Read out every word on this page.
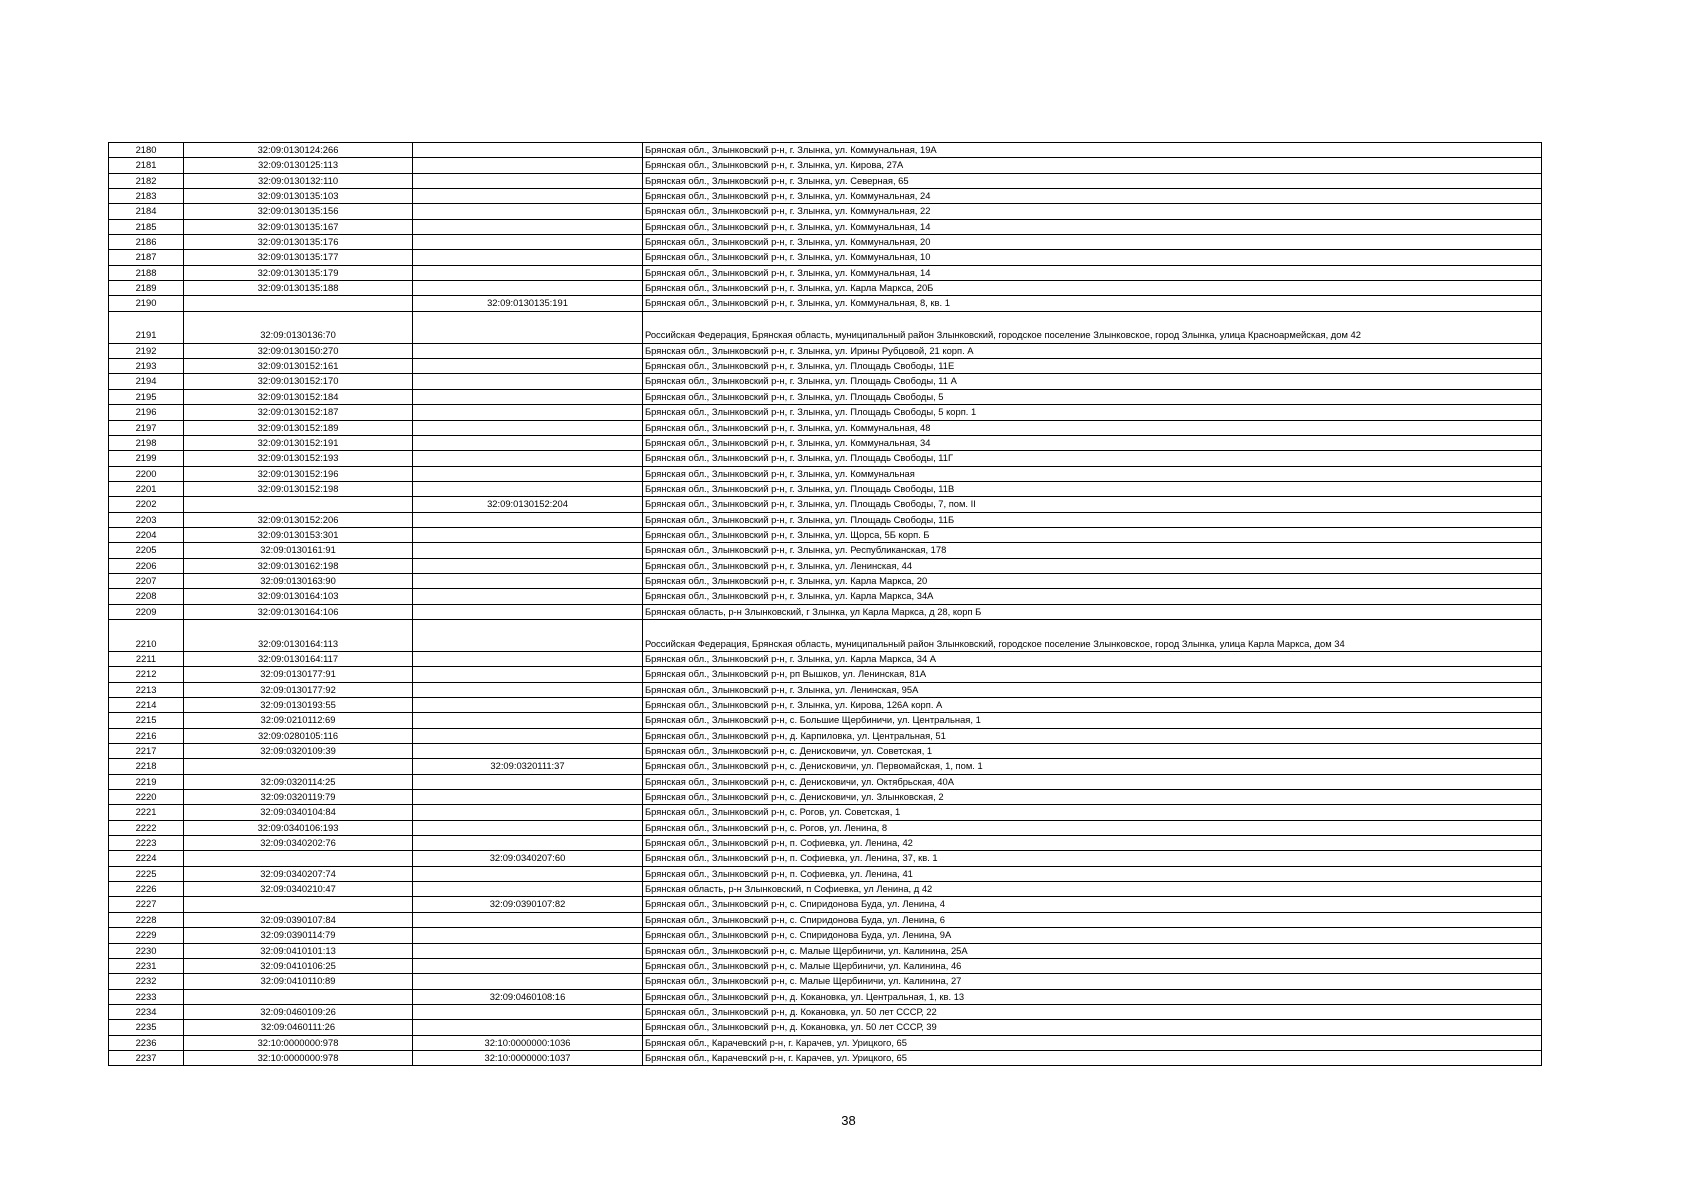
2180	32:09:0130124:266		Брянская обл., Злынковский р-н, г. Злынка, ул. Коммунальная, 19А
2181	32:09:0130125:113		Брянская обл., Злынковский р-н, г. Злынка, ул. Кирова, 27А
2182	32:09:0130132:110		Брянская обл., Злынковский р-н, г. Злынка, ул. Северная, 65
2183	32:09:0130135:103		Брянская обл., Злынковский р-н, г. Злынка, ул. Коммунальная, 24
2184	32:09:0130135:156		Брянская обл., Злынковский р-н, г. Злынка, ул. Коммунальная, 22
2185	32:09:0130135:167		Брянская обл., Злынковский р-н, г. Злынка, ул. Коммунальная, 14
2186	32:09:0130135:176		Брянская обл., Злынковский р-н, г. Злынка, ул. Коммунальная, 20
2187	32:09:0130135:177		Брянская обл., Злынковский р-н, г. Злынка, ул. Коммунальная, 10
2188	32:09:0130135:179		Брянская обл., Злынковский р-н, г. Злынка, ул. Коммунальная, 14
2189	32:09:0130135:188		Брянская обл., Злынковский р-н, г. Злынка, ул. Карла Маркса, 20Б
2190		32:09:0130135:191	Брянская обл., Злынковский р-н, г. Злынка, ул. Коммунальная, 8, кв. 1
2191	32:09:0130136:70		Российская Федерация, Брянская область, муниципальный район Злынковский, городское поселение Злынковское, город Злынка, улица Красноармейская, дом 42
2192	32:09:0130150:270		Брянская обл., Злынковский р-н, г. Злынка, ул. Ирины Рубцовой, 21 корп. А
2193	32:09:0130152:161		Брянская обл., Злынковский р-н, г. Злынка, ул. Площадь Свободы, 11Е
2194	32:09:0130152:170		Брянская обл., Злынковский р-н, г. Злынка, ул. Площадь Свободы, 11 А
2195	32:09:0130152:184		Брянская обл., Злынковский р-н, г. Злынка, ул. Площадь Свободы, 5
2196	32:09:0130152:187		Брянская обл., Злынковский р-н, г. Злынка, ул. Площадь Свободы, 5 корп. 1
2197	32:09:0130152:189		Брянская обл., Злынковский р-н, г. Злынка, ул. Коммунальная, 48
2198	32:09:0130152:191		Брянская обл., Злынковский р-н, г. Злынка, ул. Коммунальная, 34
2199	32:09:0130152:193		Брянская обл., Злынковский р-н, г. Злынка, ул. Площадь Свободы, 11Г
2200	32:09:0130152:196		Брянская обл., Злынковский р-н, г. Злынка, ул. Коммунальная
2201	32:09:0130152:198		Брянская обл., Злынковский р-н, г. Злынка, ул. Площадь Свободы, 11В
2202		32:09:0130152:204	Брянская обл., Злынковский р-н, г. Злынка, ул. Площадь Свободы, 7, пом. II
2203	32:09:0130152:206		Брянская обл., Злынковский р-н, г. Злынка, ул. Площадь Свободы, 11Б
2204	32:09:0130153:301		Брянская обл., Злынковский р-н, г. Злынка, ул. Щорса, 5Б корп. Б
2205	32:09:0130161:91		Брянская обл., Злынковский р-н, г. Злынка, ул. Республиканская, 178
2206	32:09:0130162:198		Брянская обл., Злынковский р-н, г. Злынка, ул. Ленинская, 44
2207	32:09:0130163:90		Брянская обл., Злынковский р-н, г. Злынка, ул. Карла Маркса, 20
2208	32:09:0130164:103		Брянская обл., Злынковский р-н, г. Злынка, ул. Карла Маркса, 34А
2209	32:09:0130164:106		Брянская область, р-н Злынковский, г Злынка, ул Карла Маркса, д 28, корп Б
2210	32:09:0130164:113		Российская Федерация, Брянская область, муниципальный район Злынковский, городское поселение Злынковское, город Злынка, улица Карла Маркса, дом 34
2211	32:09:0130164:117		Брянская обл., Злынковский р-н, г. Злынка, ул. Карла Маркса, 34 А
2212	32:09:0130177:91		Брянская обл., Злынковский р-н, рп Вышков, ул. Ленинская, 81А
2213	32:09:0130177:92		Брянская обл., Злынковский р-н, г. Злынка, ул. Ленинская, 95А
2214	32:09:0130193:55		Брянская обл., Злынковский р-н, г. Злынка, ул. Кирова, 126А корп. А
2215	32:09:0210112:69		Брянская обл., Злынковский р-н, с. Большие Щербиничи, ул. Центральная, 1
2216	32:09:0280105:116		Брянская обл., Злынковский р-н, д. Карпиловка, ул. Центральная, 51
2217	32:09:0320109:39		Брянская обл., Злынковский р-н, с. Денисковичи, ул. Советская, 1
2218		32:09:0320111:37	Брянская обл., Злынковский р-н, с. Денисковичи, ул. Первомайская, 1, пом. 1
2219	32:09:0320114:25		Брянская обл., Злынковский р-н, с. Денисковичи, ул. Октябрьская, 40А
2220	32:09:0320119:79		Брянская обл., Злынковский р-н, с. Денисковичи, ул. Злынковская, 2
2221	32:09:0340104:84		Брянская обл., Злынковский р-н, с. Рогов, ул. Советская, 1
2222	32:09:0340106:193		Брянская обл., Злынковский р-н, с. Рогов, ул. Ленина, 8
2223	32:09:0340202:76		Брянская обл., Злынковский р-н, п. Софиевка, ул. Ленина, 42
2224		32:09:0340207:60	Брянская обл., Злынковский р-н, п. Софиевка, ул. Ленина, 37, кв. 1
2225	32:09:0340207:74		Брянская обл., Злынковский р-н, п. Софиевка, ул. Ленина, 41
2226	32:09:0340210:47		Брянская область, р-н Злынковский, п Софиевка, ул Ленина, д 42
2227		32:09:0390107:82	Брянская обл., Злынковский р-н, с. Спиридонова Буда, ул. Ленина, 4
2228	32:09:0390107:84		Брянская обл., Злынковский р-н, с. Спиридонова Буда, ул. Ленина, 6
2229	32:09:0390114:79		Брянская обл., Злынковский р-н, с. Спиридонова Буда, ул. Ленина, 9А
2230	32:09:0410101:13		Брянская обл., Злынковский р-н, с. Малые Щербиничи, ул. Калинина, 25А
2231	32:09:0410106:25		Брянская обл., Злынковский р-н, с. Малые Щербиничи, ул. Калинина, 46
2232	32:09:0410110:89		Брянская обл., Злынковский р-н, с. Малые Щербиничи, ул. Калинина, 27
2233		32:09:0460108:16	Брянская обл., Злынковский р-н, д. Кокановка, ул. Центральная, 1, кв. 13
2234	32:09:0460109:26		Брянская обл., Злынковский р-н, д. Кокановка, ул. 50 лет СССР, 22
2235	32:09:0460111:26		Брянская обл., Злынковский р-н, д. Кокановка, ул. 50 лет СССР, 39
2236	32:10:0000000:978	32:10:0000000:1036	Брянская обл., Карачевский р-н, г. Карачев, ул. Урицкого, 65
2237	32:10:0000000:978	32:10:0000000:1037	Брянская обл., Карачевский р-н, г. Карачев, ул. Урицкого, 65
38
